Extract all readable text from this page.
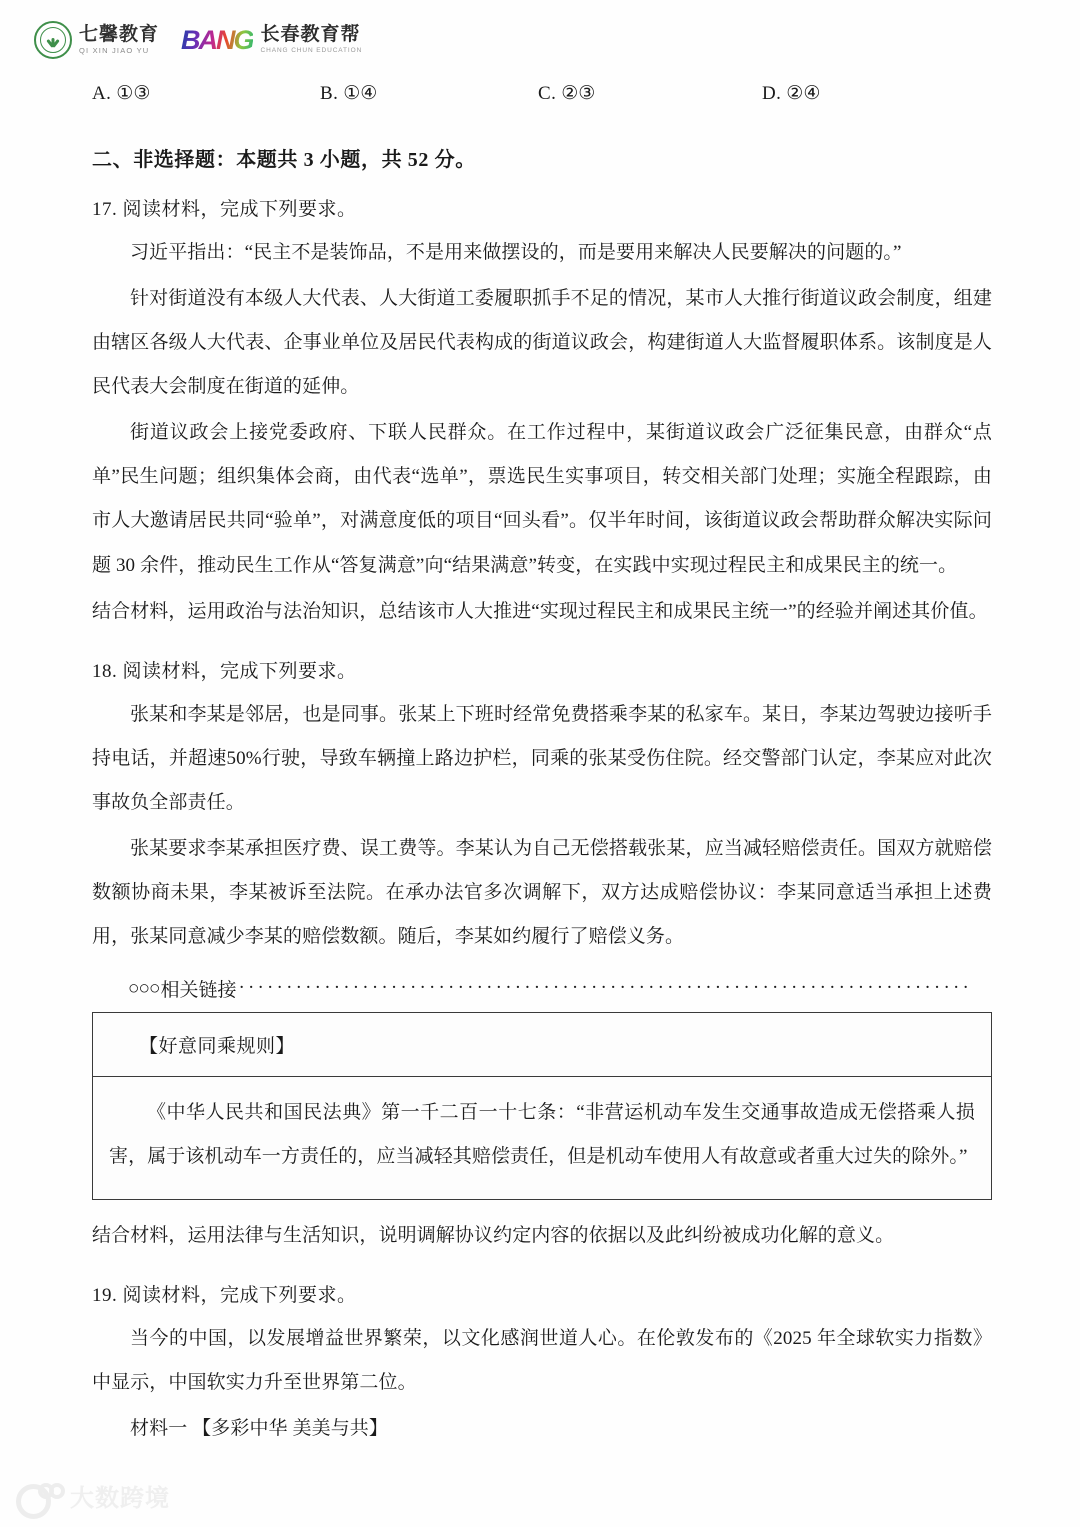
七馨教育
QI XIN JIAO YU	BANG 长春教育帮
CHANG CHUN EDUCATION
A. ①③	B. ①④	C. ②③	D. ②④
二、非选择题：本题共 3 小题，共 52 分。
17. 阅读材料，完成下列要求。

习近平指出：“民主不是装饰品，不是用来做摆设的，而是要用来解决人民要解决的问题的。”

针对街道没有本级人大代表、人大街道工委履职抓手不足的情况，某市人大推行街道议政会制度，组建由辖区各级人大代表、企事业单位及居民代表构成的街道议政会，构建街道人大监督履职体系。该制度是人民代表大会制度在街道的延伸。

街道议政会上接党委政府、下联人民群众。在工作过程中，某街道议政会广泛征集民意，由群众“点单”民生问题；组织集体会商，由代表“选单”，票选民生实事项目，转交相关部门处理；实施全程跟踪，由市人大邀请居民共同“验单”，对满意度低的项目“回头看”。仅半年时间，该街道议政会帮助群众解决实际问题 30 余件，推动民生工作从“答复满意”向“结果满意”转变，在实践中实现过程民主和成果民主的统一。

结合材料，运用政治与法治知识，总结该市人大推进“实现过程民主和成果民主统一”的经验并阐述其价值。

18. 阅读材料，完成下列要求。

张某和李某是邻居，也是同事。张某上下班时经常免费搭乘李某的私家车。某日，李某边驾驶边接听手持电话，并超速50%行驶，导致车辆撞上路边护栏，同乘的张某受伤住院。经交警部门认定，李某应对此次事故负全部责任。

张某要求李某承担医疗费、误工费等。李某认为自己无偿搭载张某，应当减轻赔偿责任。国双方就赔偿数额协商未果，李某被诉至法院。在承办法官多次调解下，双方达成赔偿协议：李某同意适当承担上述费用，张某同意减少李某的赔偿数额。随后，李某如约履行了赔偿义务。

○○○ 相关链接 ·············································································
【好意同乘规则】

《中华人民共和国民法典》第一千二百一十七条：“非营运机动车发生交通事故造成无偿搭乘人损害，属于该机动车一方责任的，应当减轻其赔偿责任，但是机动车使用人有故意或者重大过失的除外。”

结合材料，运用法律与生活知识，说明调解协议约定内容的依据以及此纠纷被成功化解的意义。

19. 阅读材料，完成下列要求。

当今的中国，以发展增益世界繁荣，以文化感润世道人心。在伦敦发布的《2025 年全球软实力指数》中显示，中国软实力升至世界第二位。

材料一 【多彩中华 美美与共】

大数跨境
